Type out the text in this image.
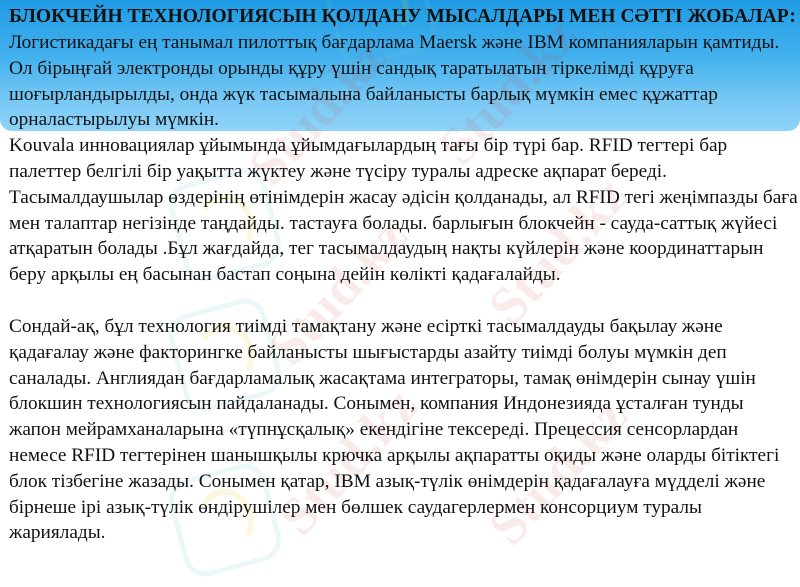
Stud.kz
Stud.kz
Stud.kz
Stud.kz
БЛОКЧЕЙН ТЕХНОЛОГИЯСЫН ҚОЛДАНУ МЫСАЛДАРЫ МЕН СӘТТІ ЖОБАЛАР:

Логистикадағы ең танымал пилоттық бағдарлама Maersk және IBM компанияларын қамтиды. Ол бірыңғай электронды орынды құру үшін сандық таратылатын тіркелімді құруға шоғырландырылды, онда жүк тасымалына байланысты барлық мүмкін емес құжаттар орналастырылуы мүмкін.

Kouvala инновациялар ұйымында ұйымдағылардың тағы бір түрі бар. RFID тегтері бар палеттер белгілі бір уақытта жүктеу және түсіру туралы адреске ақпарат береді. Тасымалдаушылар өздерінің өтінімдерін жасау әдісін қолданады, ал RFID тегі жеңімпазды баға мен талаптар негізінде таңдайды. тастауға болады. барлығын блокчейн - сауда-саттық жүйесі атқаратын болады .Бұл жағдайда, тег тасымалдаудың нақты күйлерін және координаттарын беру арқылы ең басынан бастап соңына дейін көлікті қадағалайды.

Сондай-ақ, бұл технология тиімді тамақтану және есірткі тасымалдауды бақылау және қадағалау және факторингке байланысты шығыстарды азайту тиімді болуы мүмкін деп саналады. Англиядан бағдарламалық жасақтама интеграторы, тамақ өнімдерін сынау үшін блокшин технологиясын пайдаланады. Сонымен, компания Индонезияда ұсталған тунды жапон мейрамханаларына «түпнұсқалық» екендігіне тексереді. Прецессия сенсорлардан немесе RFID тегтерінен шанышқылы крючка арқылы ақпаратты оқиды және оларды бітіктегі блок тізбегіне жазады. Сонымен қатар, IBM азық-түлік өнімдерін қадағалауға мүдделі және бірнеше ірі азық-түлік өндірушілер мен бөлшек саудагерлермен консорциум туралы жариялады.
